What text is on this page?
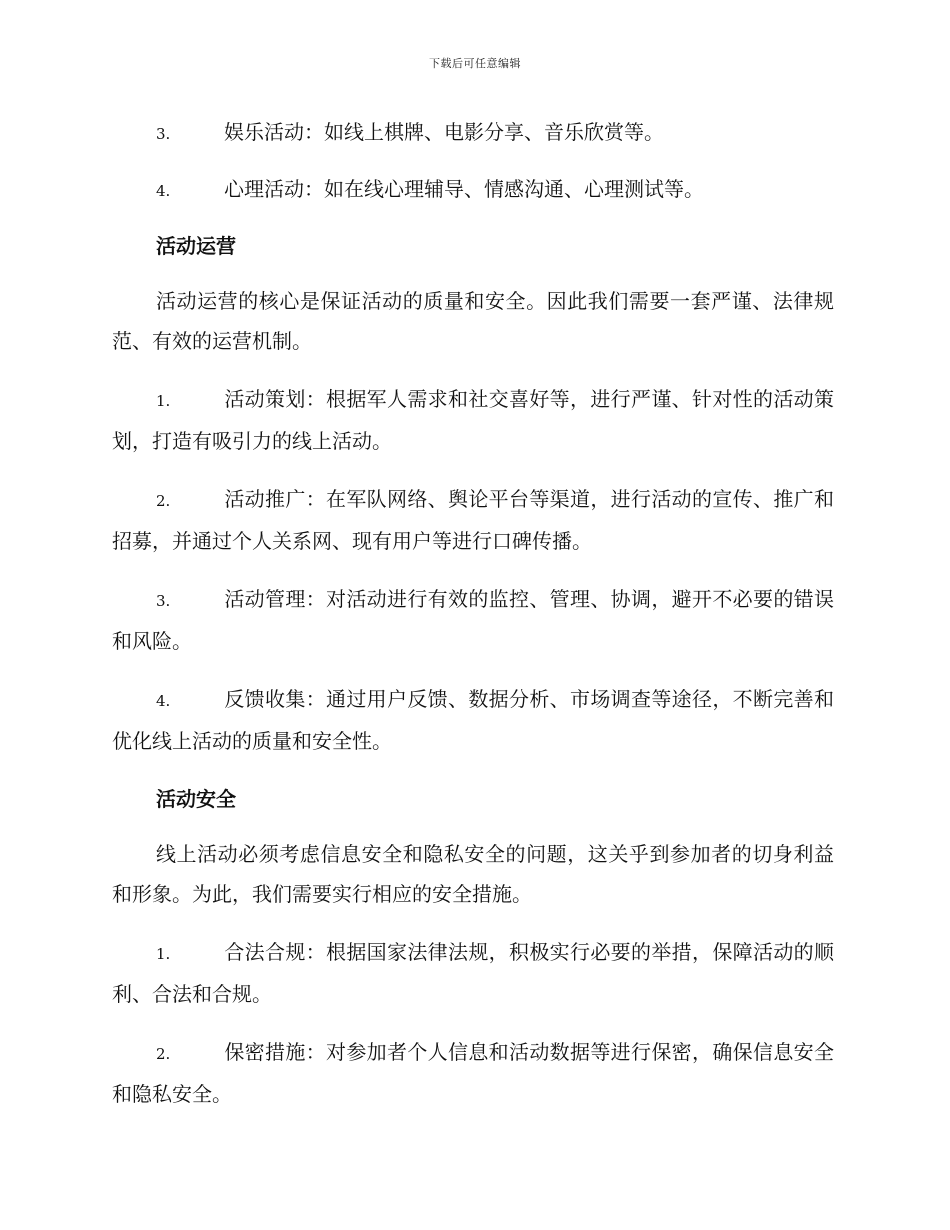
下载后可任意编辑

3.	娱乐活动：如线上棋牌、电影分享、音乐欣赏等。

4.	心理活动：如在线心理辅导、情感沟通、心理测试等。

活动运营

活动运营的核心是保证活动的质量和安全。因此我们需要一套严谨、法律规范、有效的运营机制。

1.	活动策划：根据军人需求和社交喜好等，进行严谨、针对性的活动策划，打造有吸引力的线上活动。

2.	活动推广：在军队网络、舆论平台等渠道，进行活动的宣传、推广和招募，并通过个人关系网、现有用户等进行口碑传播。

3.	活动管理：对活动进行有效的监控、管理、协调，避开不必要的错误和风险。

4.	反馈收集：通过用户反馈、数据分析、市场调查等途径，不断完善和优化线上活动的质量和安全性。

活动安全

线上活动必须考虑信息安全和隐私安全的问题，这关乎到参加者的切身利益和形象。为此，我们需要实行相应的安全措施。

1.	合法合规：根据国家法律法规，积极实行必要的举措，保障活动的顺利、合法和合规。

2.	保密措施：对参加者个人信息和活动数据等进行保密，确保信息安全和隐私安全。
